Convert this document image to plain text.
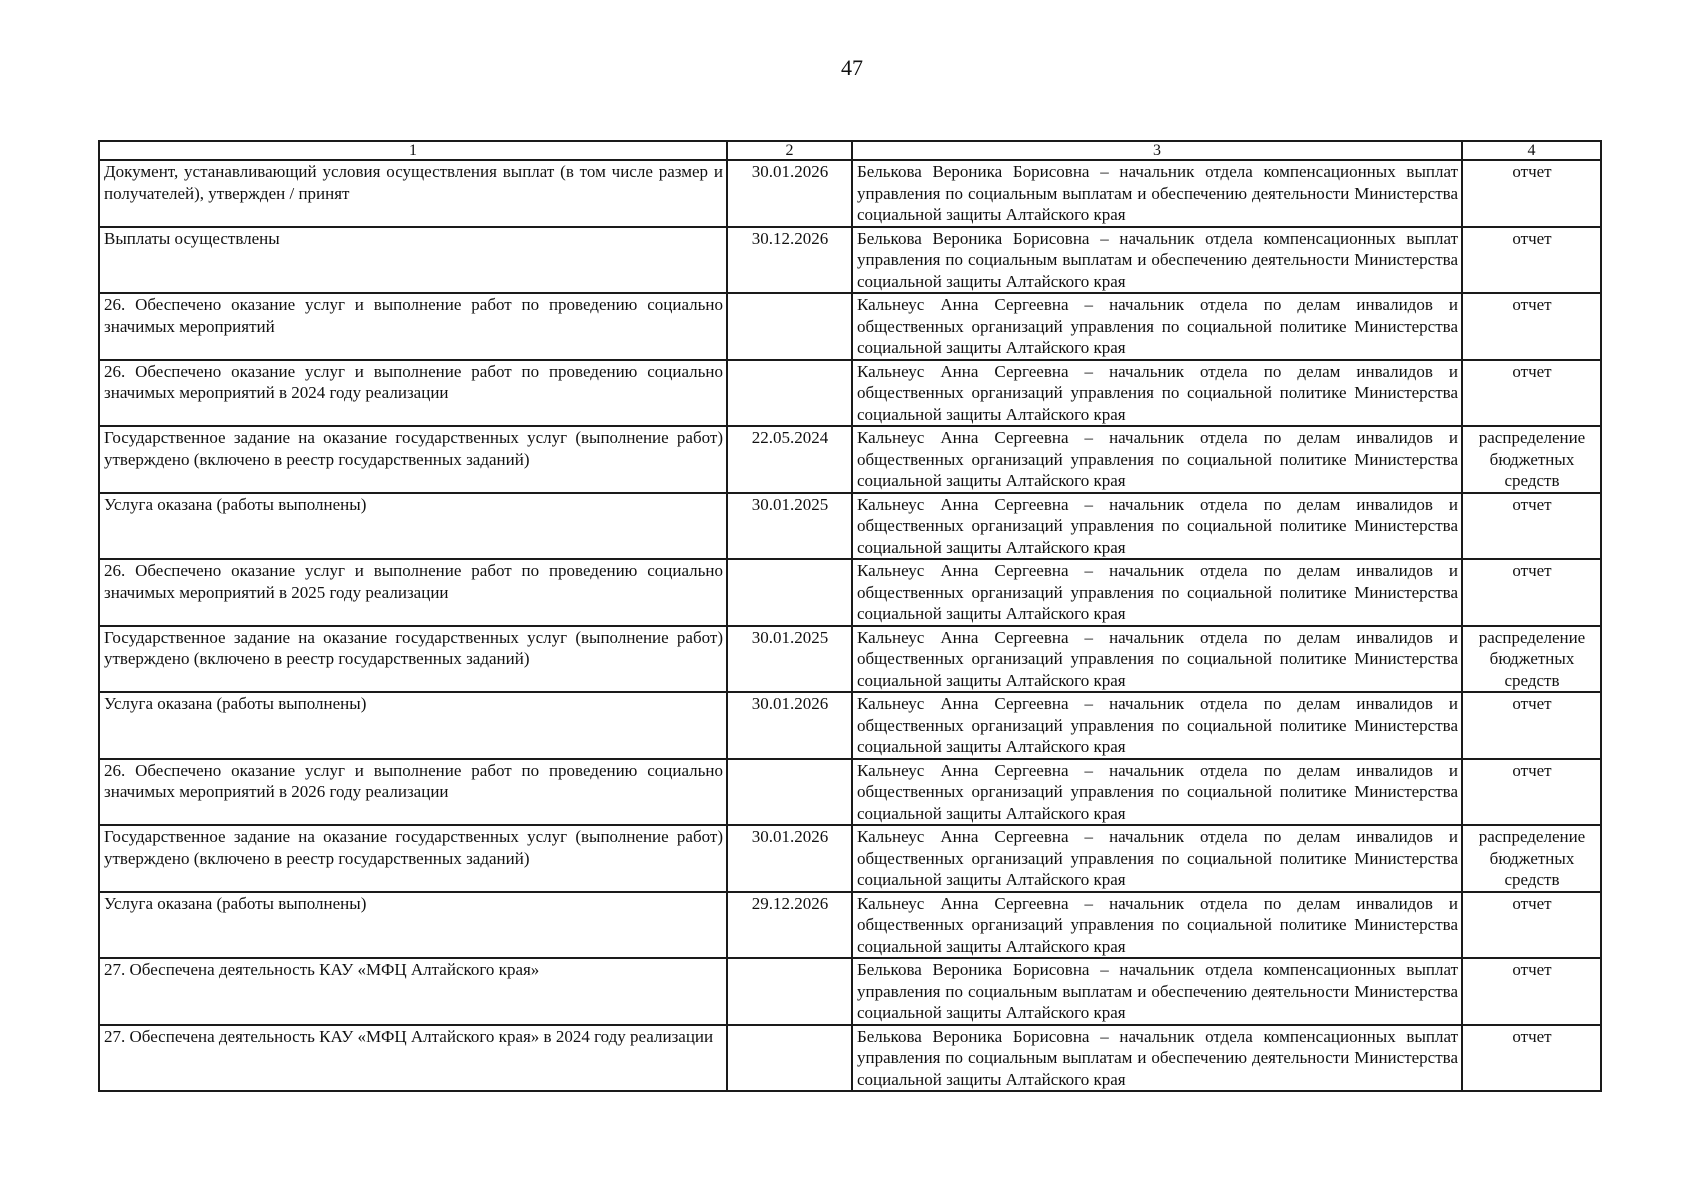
47
1	2	3	4
Документ, устанавливающий условия осуществления выплат (в том числе размер и получателей), утвержден / принят	30.01.2026	Белькова Вероника Борисовна – начальник отдела компенсационных выплат управления по социальным выплатам и обеспечению деятельности Министерства социальной защиты Алтайского края	отчет
Выплаты осуществлены	30.12.2026	Белькова Вероника Борисовна – начальник отдела компенсационных выплат управления по социальным выплатам и обеспечению деятельности Министерства социальной защиты Алтайского края	отчет
26. Обеспечено оказание услуг и выполнение работ по проведению социально значимых мероприятий		Кальнеус Анна Сергеевна – начальник отдела по делам инвалидов и общественных организаций управления по социальной политике Министерства социальной защиты Алтайского края	отчет
26. Обеспечено оказание услуг и выполнение работ по проведению социально значимых мероприятий в 2024 году реализации		Кальнеус Анна Сергеевна – начальник отдела по делам инвалидов и общественных организаций управления по социальной политике Министерства социальной защиты Алтайского края	отчет
Государственное задание на оказание государственных услуг (выполнение работ) утверждено (включено в реестр государственных заданий)	22.05.2024	Кальнеус Анна Сергеевна – начальник отдела по делам инвалидов и общественных организаций управления по социальной политике Министерства социальной защиты Алтайского края	распределение бюджетных средств
Услуга оказана (работы выполнены)	30.01.2025	Кальнеус Анна Сергеевна – начальник отдела по делам инвалидов и общественных организаций управления по социальной политике Министерства социальной защиты Алтайского края	отчет
26. Обеспечено оказание услуг и выполнение работ по проведению социально значимых мероприятий в 2025 году реализации		Кальнеус Анна Сергеевна – начальник отдела по делам инвалидов и общественных организаций управления по социальной политике Министерства социальной защиты Алтайского края	отчет
Государственное задание на оказание государственных услуг (выполнение работ) утверждено (включено в реестр государственных заданий)	30.01.2025	Кальнеус Анна Сергеевна – начальник отдела по делам инвалидов и общественных организаций управления по социальной политике Министерства социальной защиты Алтайского края	распределение бюджетных средств
Услуга оказана (работы выполнены)	30.01.2026	Кальнеус Анна Сергеевна – начальник отдела по делам инвалидов и общественных организаций управления по социальной политике Министерства социальной защиты Алтайского края	отчет
26. Обеспечено оказание услуг и выполнение работ по проведению социально значимых мероприятий в 2026 году реализации		Кальнеус Анна Сергеевна – начальник отдела по делам инвалидов и общественных организаций управления по социальной политике Министерства социальной защиты Алтайского края	отчет
Государственное задание на оказание государственных услуг (выполнение работ) утверждено (включено в реестр государственных заданий)	30.01.2026	Кальнеус Анна Сергеевна – начальник отдела по делам инвалидов и общественных организаций управления по социальной политике Министерства социальной защиты Алтайского края	распределение бюджетных средств
Услуга оказана (работы выполнены)	29.12.2026	Кальнеус Анна Сергеевна – начальник отдела по делам инвалидов и общественных организаций управления по социальной политике Министерства социальной защиты Алтайского края	отчет
27. Обеспечена деятельность КАУ «МФЦ Алтайского края»		Белькова Вероника Борисовна – начальник отдела компенсационных выплат управления по социальным выплатам и обеспечению деятельности Министерства социальной защиты Алтайского края	отчет
27. Обеспечена деятельность КАУ «МФЦ Алтайского края» в 2024 году реализации		Белькова Вероника Борисовна – начальник отдела компенсационных выплат управления по социальным выплатам и обеспечению деятельности Министерства социальной защиты Алтайского края	отчет
